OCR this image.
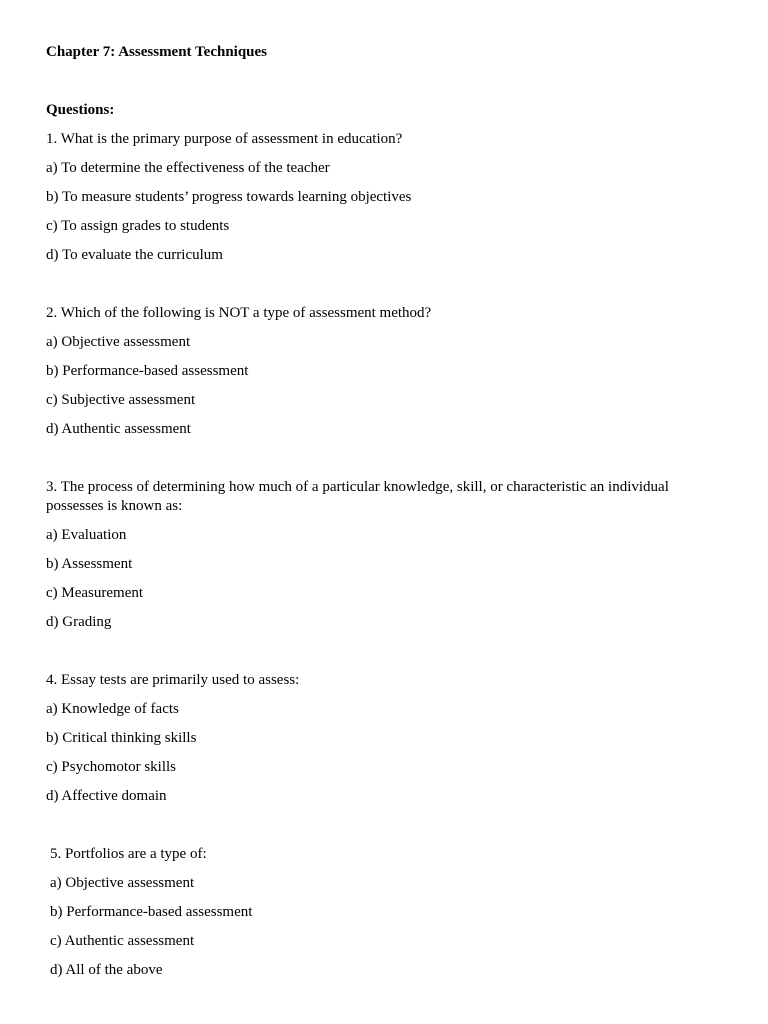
Chapter 7: Assessment Techniques
Questions:
1. What is the primary purpose of assessment in education?
a) To determine the effectiveness of the teacher
b) To measure students’ progress towards learning objectives
c) To assign grades to students
d) To evaluate the curriculum
2. Which of the following is NOT a type of assessment method?
a) Objective assessment
b) Performance-based assessment
c) Subjective assessment
d) Authentic assessment
3. The process of determining how much of a particular knowledge, skill, or characteristic an individual possesses is known as:
a) Evaluation
b) Assessment
c) Measurement
d) Grading
4. Essay tests are primarily used to assess:
a) Knowledge of facts
b) Critical thinking skills
c) Psychomotor skills
d) Affective domain
5. Portfolios are a type of:
a) Objective assessment
b) Performance-based assessment
c) Authentic assessment
d) All of the above
